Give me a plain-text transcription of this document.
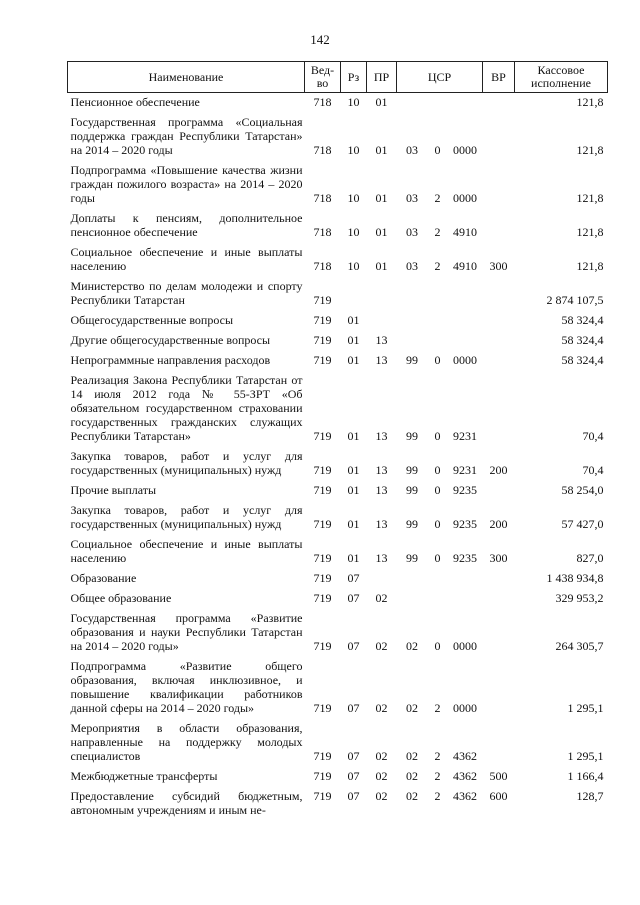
142
Наименование	Вед-во	Рз	ПР	ЦСР			ВР	Кассовое исполнение
Пенсионное обеспечение	718	10	01					121,8
Государственная программа «Социальная поддержка граждан Республики Татарстан» на 2014 – 2020 годы	718	10	01	03	0	0000		121,8
Подпрограмма «Повышение качества жизни граждан пожилого возраста» на 2014 – 2020 годы	718	10	01	03	2	0000		121,8
Доплаты к пенсиям, дополнительное пенсионное обеспечение	718	10	01	03	2	4910		121,8
Социальное обеспечение и иные выплаты населению	718	10	01	03	2	4910	300	121,8
Министерство по делам молодежи и спорту Республики Татарстан	719							2 874 107,5
Общегосударственные вопросы	719	01						58 324,4
Другие общегосударственные вопросы	719	01	13					58 324,4
Непрограммные направления расходов	719	01	13	99	0	0000		58 324,4
Реализация Закона Республики Татарстан от 14 июля 2012 года № 55-ЗРТ «Об обязательном государственном страховании государственных гражданских служащих Республики Татарстан»	719	01	13	99	0	9231		70,4
Закупка товаров, работ и услуг для государственных (муниципальных) нужд	719	01	13	99	0	9231	200	70,4
Прочие выплаты	719	01	13	99	0	9235		58 254,0
Закупка товаров, работ и услуг для государственных (муниципальных) нужд	719	01	13	99	0	9235	200	57 427,0
Социальное обеспечение и иные выплаты населению	719	01	13	99	0	9235	300	827,0
Образование	719	07						1 438 934,8
Общее образование	719	07	02					329 953,2
Государственная программа «Развитие образования и науки Республики Татарстан на 2014 – 2020 годы»	719	07	02	02	0	0000		264 305,7
Подпрограмма «Развитие общего образования, включая инклюзивное, и повышение квалификации работников данной сферы на 2014 – 2020 годы»	719	07	02	02	2	0000		1 295,1
Мероприятия в области образования, направленные на поддержку молодых специалистов	719	07	02	02	2	4362		1 295,1
Межбюджетные трансферты	719	07	02	02	2	4362	500	1 166,4
Предоставление субсидий бюджетным, автономным учреждениям и иным не-	719	07	02	02	2	4362	600	128,7
